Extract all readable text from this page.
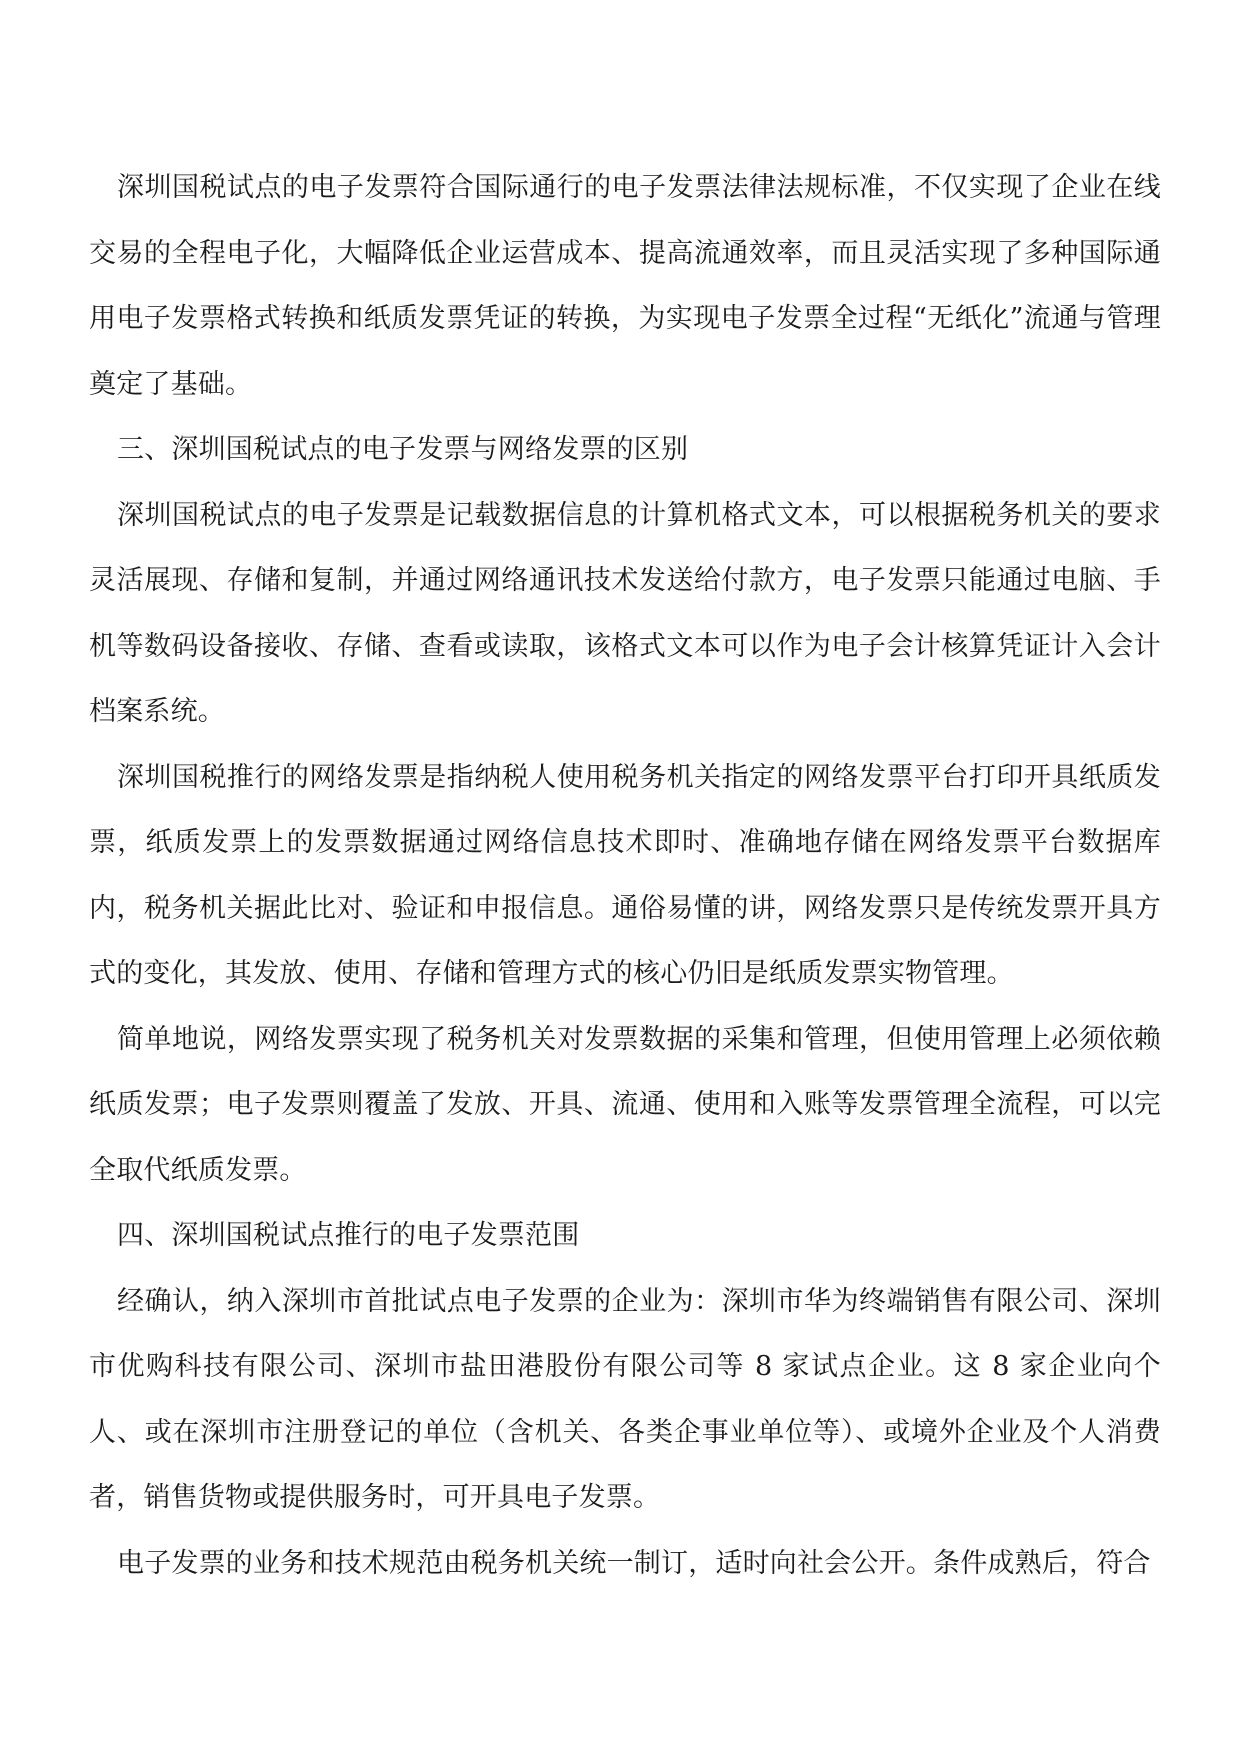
深圳国税试点的电子发票符合国际通行的电子发票法律法规标准，不仅实现了企业在线交易的全程电子化，大幅降低企业运营成本、提高流通效率，而且灵活实现了多种国际通用电子发票格式转换和纸质发票凭证的转换，为实现电子发票全过程“无纸化”流通与管理奠定了基础。

三、深圳国税试点的电子发票与网络发票的区别

深圳国税试点的电子发票是记载数据信息的计算机格式文本，可以根据税务机关的要求灵活展现、存储和复制，并通过网络通讯技术发送给付款方，电子发票只能通过电脑、手机等数码设备接收、存储、查看或读取，该格式文本可以作为电子会计核算凭证计入会计档案系统。

深圳国税推行的网络发票是指纳税人使用税务机关指定的网络发票平台打印开具纸质发票，纸质发票上的发票数据通过网络信息技术即时、准确地存储在网络发票平台数据库内，税务机关据此比对、验证和申报信息。通俗易懂的讲，网络发票只是传统发票开具方式的变化，其发放、使用、存储和管理方式的核心仍旧是纸质发票实物管理。

简单地说，网络发票实现了税务机关对发票数据的采集和管理，但使用管理上必须依赖纸质发票；电子发票则覆盖了发放、开具、流通、使用和入账等发票管理全流程，可以完全取代纸质发票。

四、深圳国税试点推行的电子发票范围

经确认，纳入深圳市首批试点电子发票的企业为：深圳市华为终端销售有限公司、深圳市优购科技有限公司、深圳市盐田港股份有限公司等 8 家试点企业。这 8 家企业向个人、或在深圳市注册登记的单位（含机关、各类企事业单位等）、或境外企业及个人消费者，销售货物或提供服务时，可开具电子发票。

电子发票的业务和技术规范由税务机关统一制订，适时向社会公开。条件成熟后，符合
